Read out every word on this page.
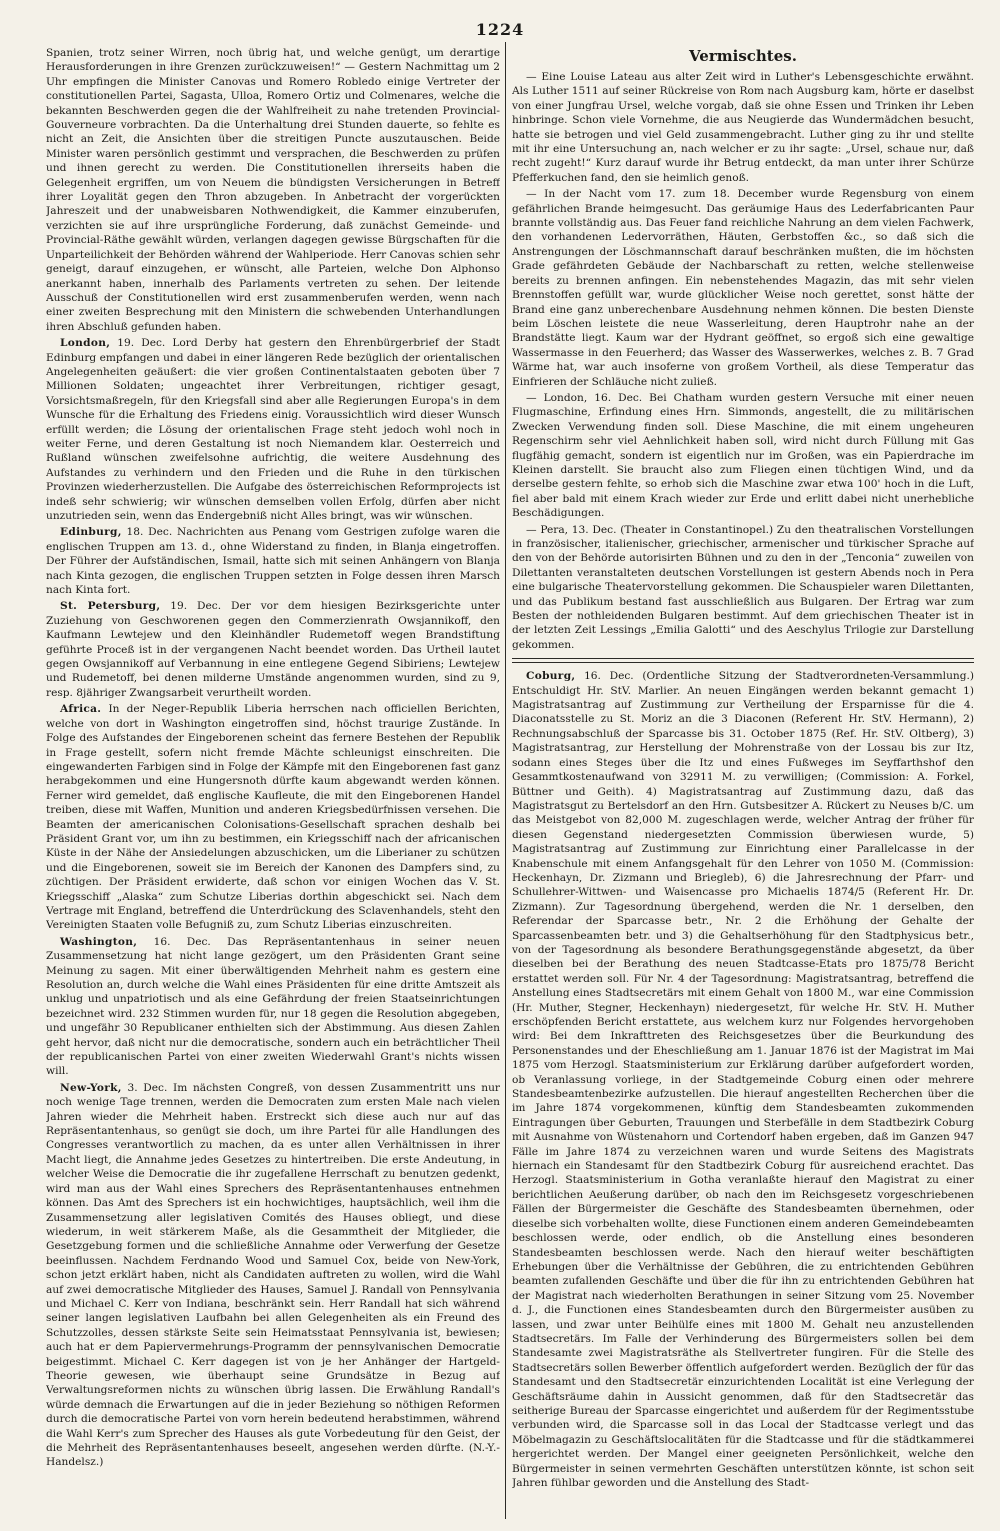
1224

Spanien, trotz seiner Wirren, noch übrig hat, und welche genügt, um derartige Herausforderungen in ihre Grenzen zurückzuweisen!“ — Gestern Nachmittag um 2 Uhr empfingen die Minister Canovas und Romero Robledo einige Vertreter der constitutionellen Partei, Sagasta, Ulloa, Romero Ortiz und Colmenares, welche die bekannten Beschwerden gegen die der Wahlfreiheit zu nahe tretenden Provincial-Gouverneure vorbrachten. Da die Unterhaltung drei Stunden dauerte, so fehlte es nicht an Zeit, die Ansichten über die streitigen Puncte auszutauschen. Beide Minister waren persönlich gestimmt und versprachen, die Beschwerden zu prüfen und ihnen gerecht zu werden. Die Constitutionellen ihrerseits haben die Gelegenheit ergriffen, um von Neuem die bündigsten Versicherungen in Betreff ihrer Loyalität gegen den Thron abzugeben. In Anbetracht der vorgerückten Jahreszeit und der unabweisbaren Nothwendigkeit, die Kammer einzuberufen, verzichten sie auf ihre ursprüngliche Forderung, daß zunächst Gemeinde- und Provincial-Räthe gewählt würden, verlangen dagegen gewisse Bürgschaften für die Unparteilichkeit der Behörden während der Wahlperiode. Herr Canovas schien sehr geneigt, darauf einzugehen, er wünscht, alle Parteien, welche Don Alphonso anerkannt haben, innerhalb des Parlaments vertreten zu sehen. Der leitende Ausschuß der Constitutionellen wird erst zusammenberufen werden, wenn nach einer zweiten Besprechung mit den Ministern die schwebenden Unterhandlungen ihren Abschluß gefunden haben.

London, 19. Dec. Lord Derby hat gestern den Ehrenbürgerbrief der Stadt Edinburg empfangen und dabei in einer längeren Rede bezüglich der orientalischen Angelegenheiten geäußert: die vier großen Continentalstaaten geboten über 7 Millionen Soldaten; ungeachtet ihrer Verbreitungen, richtiger gesagt, Vorsichtsmaßregeln, für den Kriegsfall sind aber alle Regierungen Europa's in dem Wunsche für die Erhaltung des Friedens einig. Voraussichtlich wird dieser Wunsch erfüllt werden; die Lösung der orientalischen Frage steht jedoch wohl noch in weiter Ferne, und deren Gestaltung ist noch Niemandem klar. Oesterreich und Rußland wünschen zweifelsohne aufrichtig, die weitere Ausdehnung des Aufstandes zu verhindern und den Frieden und die Ruhe in den türkischen Provinzen wiederherzustellen. Die Aufgabe des österreichischen Reformprojects ist indeß sehr schwierig; wir wünschen demselben vollen Erfolg, dürfen aber nicht unzutrieden sein, wenn das Endergebniß nicht Alles bringt, was wir wünschen.

Edinburg, 18. Dec. Nachrichten aus Penang vom Gestrigen zufolge waren die englischen Truppen am 13. d., ohne Widerstand zu finden, in Blanja eingetroffen. Der Führer der Aufständischen, Ismail, hatte sich mit seinen Anhängern von Blanja nach Kinta gezogen, die englischen Truppen setzten in Folge dessen ihren Marsch nach Kinta fort.

St. Petersburg, 19. Dec. Der vor dem hiesigen Bezirksgerichte unter Zuziehung von Geschworenen gegen den Commerzienrath Owsjannikoff, den Kaufmann Lewtejew und den Kleinhändler Rudemetoff wegen Brandstiftung geführte Proceß ist in der vergangenen Nacht beendet worden. Das Urtheil lautet gegen Owsjannikoff auf Verbannung in eine entlegene Gegend Sibiriens; Lewtejew und Rudemetoff, bei denen milderne Umstände angenommen wurden, sind zu 9, resp. 8jähriger Zwangsarbeit verurtheilt worden.

Africa. In der Neger-Republik Liberia herrschen nach officiellen Berichten, welche von dort in Washington eingetroffen sind, höchst traurige Zustände. In Folge des Aufstandes der Eingeborenen scheint das fernere Bestehen der Republik in Frage gestellt, sofern nicht fremde Mächte schleunigst einschreiten. Die eingewanderten Farbigen sind in Folge der Kämpfe mit den Eingeborenen fast ganz herabgekommen und eine Hungersnoth dürfte kaum abgewandt werden können. Ferner wird gemeldet, daß englische Kaufleute, die mit den Eingeborenen Handel treiben, diese mit Waffen, Munition und anderen Kriegsbedürfnissen versehen. Die Beamten der americanischen Colonisations-Gesellschaft sprachen deshalb bei Präsident Grant vor, um ihn zu bestimmen, ein Kriegsschiff nach der africanischen Küste in der Nähe der Ansiedelungen abzuschicken, um die Liberianer zu schützen und die Eingeborenen, soweit sie im Bereich der Kanonen des Dampfers sind, zu züchtigen. Der Präsident erwiderte, daß schon vor einigen Wochen das V. St. Kriegsschiff „Alaska“ zum Schutze Liberias dorthin abgeschickt sei. Nach dem Vertrage mit England, betreffend die Unterdrückung des Sclavenhandels, steht den Vereinigten Staaten volle Befugniß zu, zum Schutz Liberias einzuschreiten.

Washington, 16. Dec. Das Repräsentantenhaus in seiner neuen Zusammensetzung hat nicht lange gezögert, um den Präsidenten Grant seine Meinung zu sagen. Mit einer überwältigenden Mehrheit nahm es gestern eine Resolution an, durch welche die Wahl eines Präsidenten für eine dritte Amtszeit als unklug und unpatriotisch und als eine Gefährdung der freien Staatseinrichtungen bezeichnet wird. 232 Stimmen wurden für, nur 18 gegen die Resolution abgegeben, und ungefähr 30 Republicaner enthielten sich der Abstimmung. Aus diesen Zahlen geht hervor, daß nicht nur die democratische, sondern auch ein beträchtlicher Theil der republicanischen Partei von einer zweiten Wiederwahl Grant's nichts wissen will.

New-York, 3. Dec. Im nächsten Congreß, von dessen Zusammentritt uns nur noch wenige Tage trennen, werden die Democraten zum ersten Male nach vielen Jahren wieder die Mehrheit haben. Erstreckt sich diese auch nur auf das Repräsentantenhaus, so genügt sie doch, um ihre Partei für alle Handlungen des Congresses verantwortlich zu machen, da es unter allen Verhältnissen in ihrer Macht liegt, die Annahme jedes Gesetzes zu hintertreiben. Die erste Andeutung, in welcher Weise die Democratie die ihr zugefallene Herrschaft zu benutzen gedenkt, wird man aus der Wahl eines Sprechers des Repräsentantenhauses entnehmen können. Das Amt des Sprechers ist ein hochwichtiges, hauptsächlich, weil ihm die Zusammensetzung aller legislativen Comités des Hauses obliegt, und diese wiederum, in weit stärkerem Maße, als die Gesammtheit der Mitglieder, die Gesetzgebung formen und die schließliche Annahme oder Verwerfung der Gesetze beeinflussen. Nachdem Ferdnando Wood und Samuel Cox, beide von New-York, schon jetzt erklärt haben, nicht als Candidaten auftreten zu wollen, wird die Wahl auf zwei democratische Mitglieder des Hauses, Samuel J. Randall von Pennsylvania und Michael C. Kerr von Indiana, beschränkt sein. Herr Randall hat sich während seiner langen legislativen Laufbahn bei allen Gelegenheiten als ein Freund des Schutzzolles, dessen stärkste Seite sein Heimatsstaat Pennsylvania ist, bewiesen; auch hat er dem Papiervermehrungs-Programm der pennsylvanischen Democratie beigestimmt. Michael C. Kerr dagegen ist von je her Anhänger der Hartgeld-Theorie gewesen, wie überhaupt seine Grundsätze in Bezug auf Verwaltungsreformen nichts zu wünschen übrig lassen. Die Erwählung Randall's würde demnach die Erwartungen auf die in jeder Beziehung so nöthigen Reformen durch die democratische Partei von vorn herein bedeutend herabstimmen, während die Wahl Kerr's zum Sprecher des Hauses als gute Vorbedeutung für den Geist, der die Mehrheit des Repräsentantenhauses beseelt, angesehen werden dürfte. (N.-Y.-Handelsz.)

Vermischtes.

— Eine Louise Lateau aus alter Zeit wird in Luther's Lebensgeschichte erwähnt. Als Luther 1511 auf seiner Rückreise von Rom nach Augsburg kam, hörte er daselbst von einer Jungfrau Ursel, welche vorgab, daß sie ohne Essen und Trinken ihr Leben hinbringe. Schon viele Vornehme, die aus Neugierde das Wundermädchen besucht, hatte sie betrogen und viel Geld zusammengebracht. Luther ging zu ihr und stellte mit ihr eine Untersuchung an, nach welcher er zu ihr sagte: „Ursel, schaue nur, daß recht zugeht!“ Kurz darauf wurde ihr Betrug entdeckt, da man unter ihrer Schürze Pfefferkuchen fand, den sie heimlich genoß.

— In der Nacht vom 17. zum 18. December wurde Regensburg von einem gefährlichen Brande heimgesucht. Das geräumige Haus des Lederfabricanten Paur brannte vollständig aus. Das Feuer fand reichliche Nahrung an dem vielen Fachwerk, den vorhandenen Ledervorräthen, Häuten, Gerbstoffen &c., so daß sich die Anstrengungen der Löschmannschaft darauf beschränken mußten, die im höchsten Grade gefährdeten Gebäude der Nachbarschaft zu retten, welche stellenweise bereits zu brennen anfingen. Ein nebenstehendes Magazin, das mit sehr vielen Brennstoffen gefüllt war, wurde glücklicher Weise noch gerettet, sonst hätte der Brand eine ganz unberechenbare Ausdehnung nehmen können. Die besten Dienste beim Löschen leistete die neue Wasserleitung, deren Hauptrohr nahe an der Brandstätte liegt. Kaum war der Hydrant geöffnet, so ergoß sich eine gewaltige Wassermasse in den Feuerherd; das Wasser des Wasserwerkes, welches z. B. 7 Grad Wärme hat, war auch insoferne von großem Vortheil, als diese Temperatur das Einfrieren der Schläuche nicht zuließ.

— London, 16. Dec. Bei Chatham wurden gestern Versuche mit einer neuen Flugmaschine, Erfindung eines Hrn. Simmonds, angestellt, die zu militärischen Zwecken Verwendung finden soll. Diese Maschine, die mit einem ungeheuren Regenschirm sehr viel Aehnlichkeit haben soll, wird nicht durch Füllung mit Gas flugfähig gemacht, sondern ist eigentlich nur im Großen, was ein Papierdrache im Kleinen darstellt. Sie braucht also zum Fliegen einen tüchtigen Wind, und da derselbe gestern fehlte, so erhob sich die Maschine zwar etwa 100' hoch in die Luft, fiel aber bald mit einem Krach wieder zur Erde und erlitt dabei nicht unerhebliche Beschädigungen.

— Pera, 13. Dec. (Theater in Constantinopel.) Zu den theatralischen Vorstellungen in französischer, italienischer, griechischer, armenischer und türkischer Sprache auf den von der Behörde autorisirten Bühnen und zu den in der „Tenconia“ zuweilen von Dilettanten veranstalteten deutschen Vorstellungen ist gestern Abends noch in Pera eine bulgarische Theatervorstellung gekommen. Die Schauspieler waren Dilettanten, und das Publikum bestand fast ausschließlich aus Bulgaren. Der Ertrag war zum Besten der nothleidenden Bulgaren bestimmt. Auf dem griechischen Theater ist in der letzten Zeit Lessings „Emilia Galotti“ und des Aeschylus Trilogie zur Darstellung gekommen.

Coburg, 16. Dec. (Ordentliche Sitzung der Stadtverordneten-Versammlung.) Entschuldigt Hr. StV. Marlier. An neuen Eingängen werden bekannt gemacht 1) Magistratsantrag auf Zustimmung zur Vertheilung der Ersparnisse für die 4. Diaconatsstelle zu St. Moriz an die 3 Diaconen (Referent Hr. StV. Hermann), 2) Rechnungsabschluß der Sparcasse bis 31. October 1875 (Ref. Hr. StV. Oltberg), 3) Magistratsantrag, zur Herstellung der Mohrenstraße von der Lossau bis zur Itz, sodann eines Steges über die Itz und eines Fußweges im Seyffarthshof den Gesammtkostenaufwand von 32911 M. zu verwilligen; (Commission: A. Forkel, Büttner und Geith). 4) Magistratsantrag auf Zustimmung dazu, daß das Magistratsgut zu Bertelsdorf an den Hrn. Gutsbesitzer A. Rückert zu Neuses b/C. um das Meistgebot von 82,000 M. zugeschlagen werde, welcher Antrag der früher für diesen Gegenstand niedergesetzten Commission überwiesen wurde, 5) Magistratsantrag auf Zustimmung zur Einrichtung einer Parallelcasse in der Knabenschule mit einem Anfangsgehalt für den Lehrer von 1050 M. (Commission: Heckenhayn, Dr. Zizmann und Briegleb), 6) die Jahresrechnung der Pfarr- und Schullehrer-Wittwen- und Waisencasse pro Michaelis 1874/5 (Referent Hr. Dr. Zizmann). Zur Tagesordnung übergehend, werden die Nr. 1 derselben, den Referendar der Sparcasse betr., Nr. 2 die Erhöhung der Gehalte der Sparcassenbeamten betr. und 3) die Gehaltserhöhung für den Stadtphysicus betr., von der Tagesordnung als besondere Berathungsgegenstände abgesetzt, da über dieselben bei der Berathung des neuen Stadtcasse-Etats pro 1875/78 Bericht erstattet werden soll. Für Nr. 4 der Tagesordnung: Magistratsantrag, betreffend die Anstellung eines Stadtsecretärs mit einem Gehalt von 1800 M., war eine Commission (Hr. Muther, Stegner, Heckenhayn) niedergesetzt, für welche Hr. StV. H. Muther erschöpfenden Bericht erstattete, aus welchem kurz nur Folgendes hervorgehoben wird: Bei dem Inkrafttreten des Reichsgesetzes über die Beurkundung des Personenstandes und der Eheschließung am 1. Januar 1876 ist der Magistrat im Mai 1875 vom Herzogl. Staatsministerium zur Erklärung darüber aufgefordert worden, ob Veranlassung vorliege, in der Stadtgemeinde Coburg einen oder mehrere Standesbeamtenbezirke aufzustellen. Die hierauf angestellten Recherchen über die im Jahre 1874 vorgekommenen, künftig dem Standesbeamten zukommenden Eintragungen über Geburten, Trauungen und Sterbefälle in dem Stadtbezirk Coburg mit Ausnahme von Wüstenahorn und Cortendorf haben ergeben, daß im Ganzen 947 Fälle im Jahre 1874 zu verzeichnen waren und wurde Seitens des Magistrats hiernach ein Standesamt für den Stadtbezirk Coburg für ausreichend erachtet. Das Herzogl. Staatsministerium in Gotha veranlaßte hierauf den Magistrat zu einer berichtlichen Aeußerung darüber, ob nach den im Reichsgesetz vorgeschriebenen Fällen der Bürgermeister die Geschäfte des Standesbeamten übernehmen, oder dieselbe sich vorbehalten wollte, diese Functionen einem anderen Gemeindebeamten beschlossen werde, oder endlich, ob die Anstellung eines besonderen Standesbeamten beschlossen werde. Nach den hierauf weiter beschäftigten Erhebungen über die Verhältnisse der Gebühren, die zu entrichtenden Gebühren beamten zufallenden Geschäfte und über die für ihn zu entrichtenden Gebühren hat der Magistrat nach wiederholten Berathungen in seiner Sitzung vom 25. November d. J., die Functionen eines Standesbeamten durch den Bürgermeister ausüben zu lassen, und zwar unter Beihülfe eines mit 1800 M. Gehalt neu anzustellenden Stadtsecretärs. Im Falle der Verhinderung des Bürgermeisters sollen bei dem Standesamte zwei Magistratsräthe als Stellvertreter fungiren. Für die Stelle des Stadtsecretärs sollen Bewerber öffentlich aufgefordert werden. Bezüglich der für das Standesamt und den Stadtsecretär einzurichtenden Localität ist eine Verlegung der Geschäftsräume dahin in Aussicht genommen, daß für den Stadtsecretär das seitherige Bureau der Sparcasse eingerichtet und außerdem für der Regimentsstube verbunden wird, die Sparcasse soll in das Local der Stadtcasse verlegt und das Möbelmagazin zu Geschäftslocalitäten für die Stadtcasse und für die städtkammerei hergerichtet werden. Der Mangel einer geeigneten Persönlichkeit, welche den Bürgermeister in seinen vermehrten Geschäften unterstützen könnte, ist schon seit Jahren fühlbar geworden und die Anstellung des Stadt-
